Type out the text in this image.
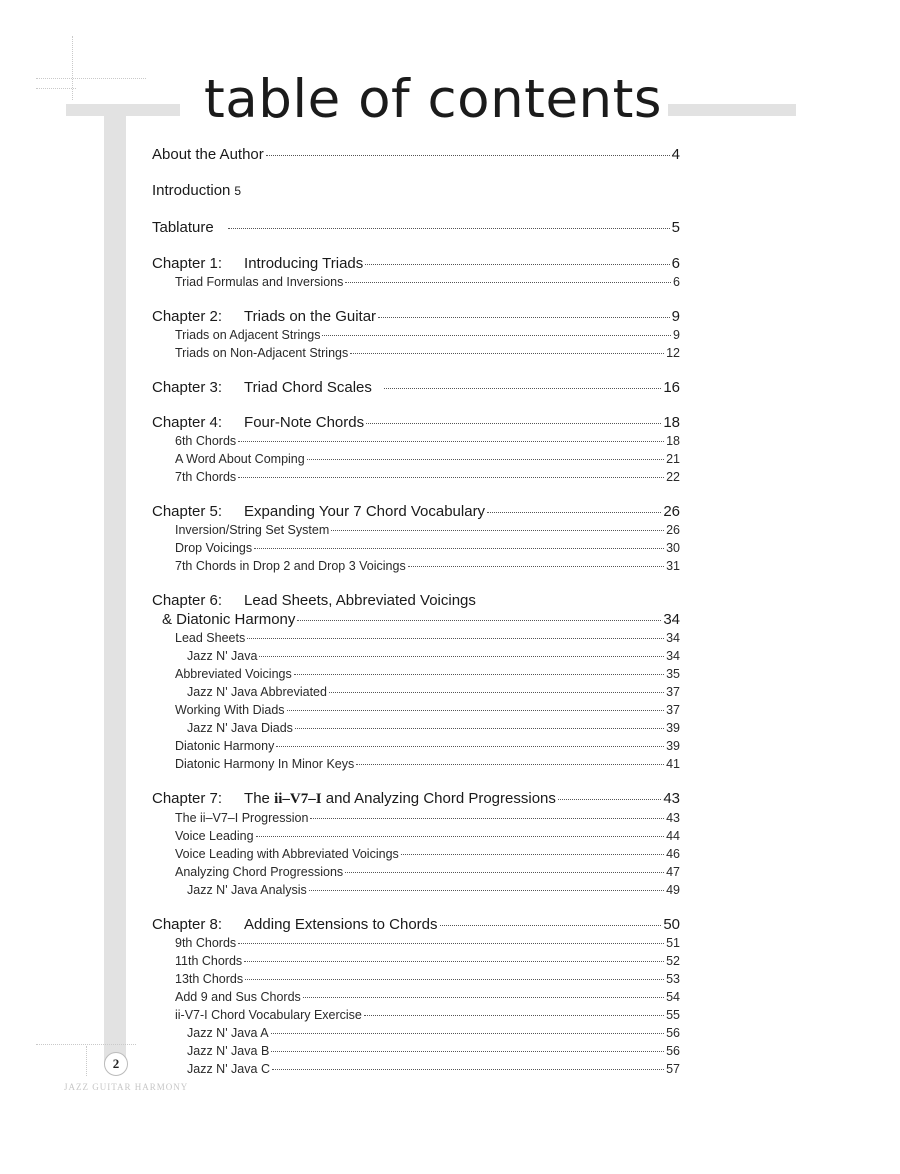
table of contents
About the Author	4
Introduction 5
Tablature	5
Chapter 1: Introducing Triads	6
Triad Formulas and Inversions	6
Chapter 2: Triads on the Guitar	9
Triads on Adjacent Strings	9
Triads on Non-Adjacent Strings	12
Chapter 3: Triad Chord Scales	16
Chapter 4: Four-Note Chords	18
6th Chords	18
A Word About Comping	21
7th Chords	22
Chapter 5: Expanding Your 7 Chord Vocabulary	26
Inversion/String Set System	26
Drop Voicings	30
7th Chords in Drop 2 and Drop 3 Voicings	31
Chapter 6: Lead Sheets, Abbreviated Voicings
& Diatonic Harmony	34
Lead Sheets	34
Jazz N' Java	34
Abbreviated Voicings	35
Jazz N' Java Abbreviated	37
Working With Diads	37
Jazz N' Java Diads	39
Diatonic Harmony	39
Diatonic Harmony In Minor Keys	41
Chapter 7: The ii–V7–I and Analyzing Chord Progressions	43
The ii–V7–I Progression	43
Voice Leading	44
Voice Leading with Abbreviated Voicings	46
Analyzing Chord Progressions	47
Jazz N' Java Analysis	49
Chapter 8: Adding Extensions to Chords	50
9th Chords	51
11th Chords	52
13th Chords	53
Add 9 and Sus Chords	54
ii-V7-I Chord Vocabulary Exercise	55
Jazz N' Java A	56
Jazz N' Java B	56
Jazz N' Java C	57
2
JAZZ GUITAR HARMONY
